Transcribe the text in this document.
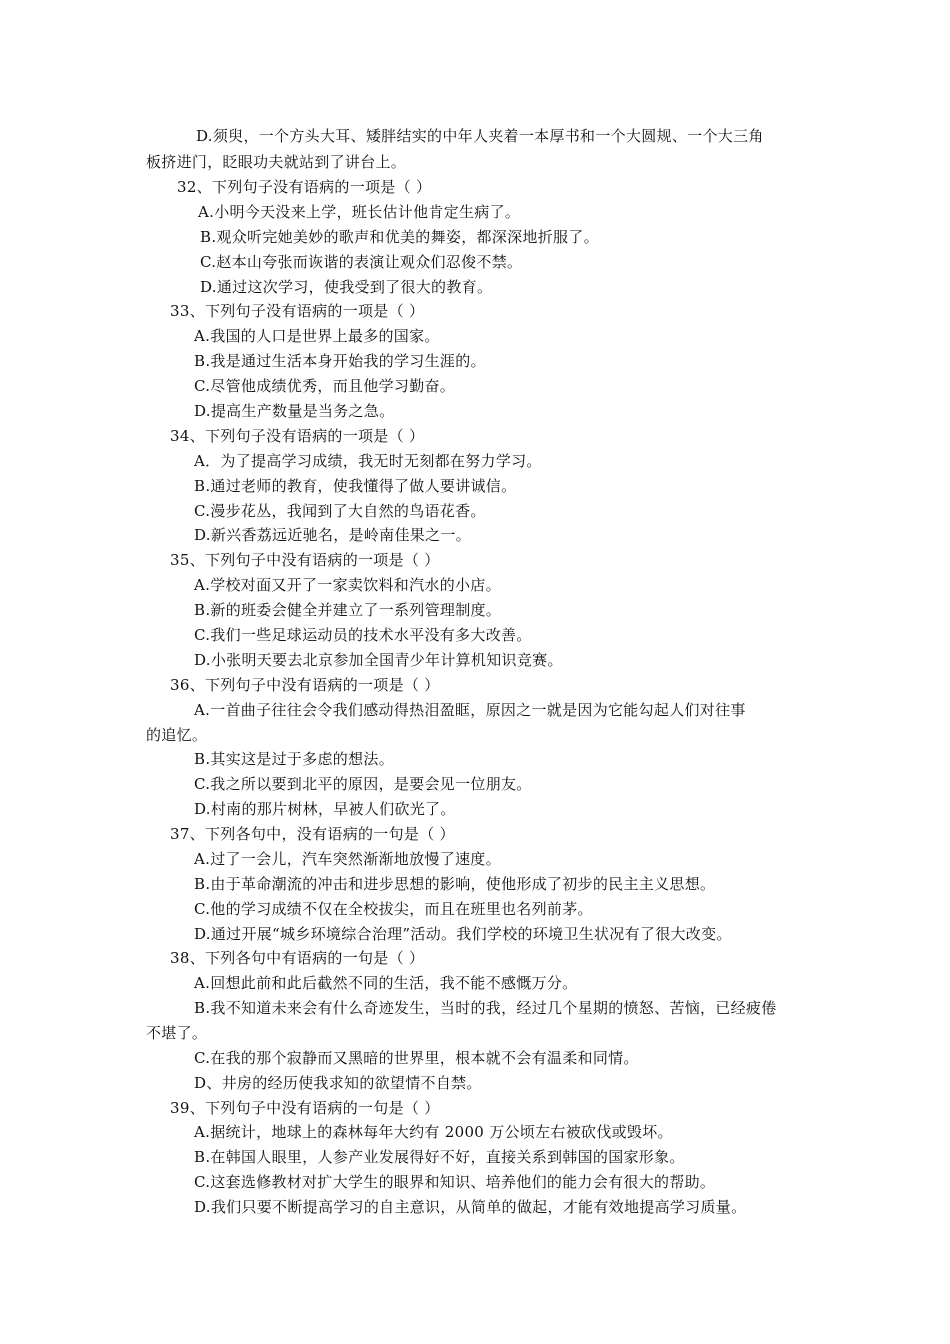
D.须臾，一个方头大耳、矮胖结实的中年人夹着一本厚书和一个大圆规、一个大三角
板挤进门，眨眼功夫就站到了讲台上。
32、下列句子没有语病的一项是（ ）
A.小明今天没来上学，班长估计他肯定生病了。
B.观众听完她美妙的歌声和优美的舞姿，都深深地折服了。
C.赵本山夸张而诙谐的表演让观众们忍俊不禁。
D.通过这次学习，使我受到了很大的教育。
33、下列句子没有语病的一项是（ ）
A.我国的人口是世界上最多的国家。
B.我是通过生活本身开始我的学习生涯的。
C.尽管他成绩优秀，而且他学习勤奋。
D.提高生产数量是当务之急。
34、下列句子没有语病的一项是（ ）
A．为了提高学习成绩，我无时无刻都在努力学习。
B.通过老师的教育，使我懂得了做人要讲诚信。
C.漫步花丛，我闻到了大自然的鸟语花香。
D.新兴香荔远近驰名，是岭南佳果之一。
35、下列句子中没有语病的一项是（ ）
A.学校对面又开了一家卖饮料和汽水的小店。
B.新的班委会健全并建立了一系列管理制度。
C.我们一些足球运动员的技术水平没有多大改善。
D.小张明天要去北京参加全国青少年计算机知识竞赛。
36、下列句子中没有语病的一项是（ ）
A.一首曲子往往会令我们感动得热泪盈眶，原因之一就是因为它能勾起人们对往事
的追忆。
B.其实这是过于多虑的想法。
C.我之所以要到北平的原因，是要会见一位朋友。
D.村南的那片树林，早被人们砍光了。
37、下列各句中，没有语病的一句是（ ）
A.过了一会儿，汽车突然渐渐地放慢了速度。
B.由于革命潮流的冲击和进步思想的影响，使他形成了初步的民主主义思想。
C.他的学习成绩不仅在全校拔尖，而且在班里也名列前茅。
D.通过开展“城乡环境综合治理”活动。我们学校的环境卫生状况有了很大改变。
38、下列各句中有语病的一句是（ ）
A.回想此前和此后截然不同的生活，我不能不感慨万分。
B.我不知道未来会有什么奇迹发生，当时的我，经过几个星期的愤怒、苦恼，已经疲倦
不堪了。
C.在我的那个寂静而又黑暗的世界里，根本就不会有温柔和同情。
D、井房的经历使我求知的欲望情不自禁。
39、下列句子中没有语病的一句是（ ）
A.据统计，地球上的森林每年大约有 2000 万公顷左右被砍伐或毁坏。
B.在韩国人眼里，人参产业发展得好不好，直接关系到韩国的国家形象。
C.这套选修教材对扩大学生的眼界和知识、培养他们的能力会有很大的帮助。
D.我们只要不断提高学习的自主意识，从简单的做起，才能有效地提高学习质量。
